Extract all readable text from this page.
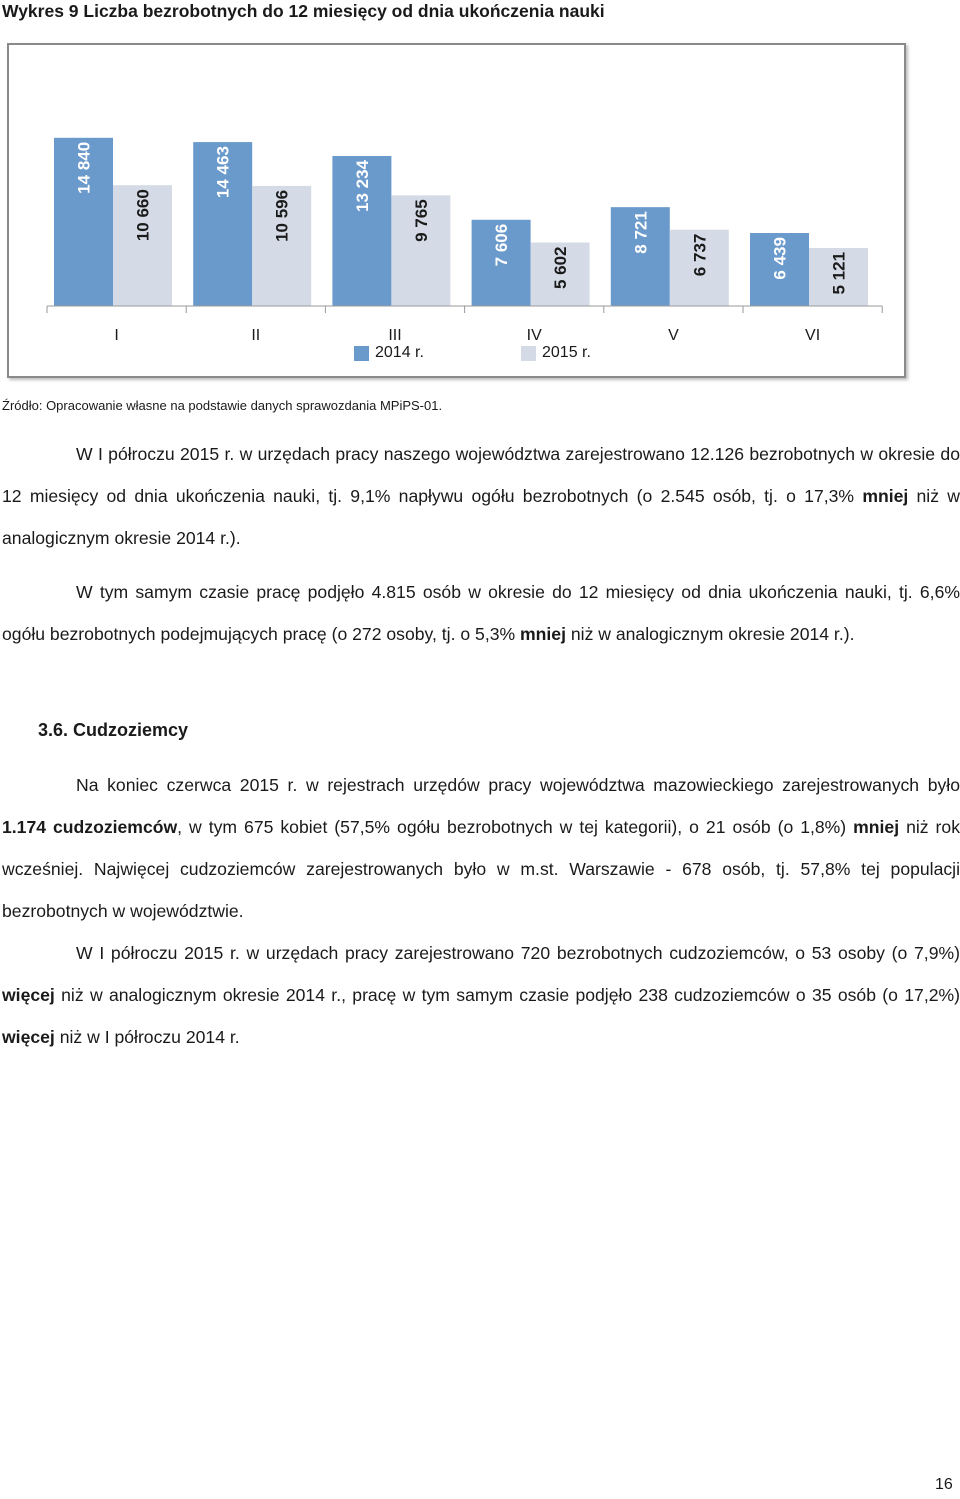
Wykres 9 Liczba bezrobotnych do 12 miesięcy od dnia ukończenia nauki
14 840
10 660
I
14 463
10 596
II
13 234
9 765
III
7 606
5 602
IV
8 721
6 737
V
6 439 5 121
VI
2014 r.	2015 r.

Źródło: Opracowanie własne na podstawie danych sprawozdania MPiPS-01.

W I półroczu 2015 r. w urzędach pracy naszego województwa zarejestrowano 12.126 bezrobotnych w okresie do 12 miesięcy od dnia ukończenia nauki, tj. 9,1% napływu ogółu bezrobotnych (o 2.545 osób, tj. o 17,3% mniej niż w analogicznym okresie 2014 r.).

W tym samym czasie pracę podjęło 4.815 osób w okresie do 12 miesięcy od dnia ukończenia nauki, tj. 6,6% ogółu bezrobotnych podejmujących pracę (o 272 osoby, tj. o 5,3% mniej niż w analogicznym okresie 2014 r.).

3.6. Cudzoziemcy

Na koniec czerwca 2015 r. w rejestrach urzędów pracy województwa mazowieckiego zarejestrowanych było 1.174 cudzoziemców, w tym 675 kobiet (57,5% ogółu bezrobotnych w tej kategorii), o 21 osób (o 1,8%) mniej niż rok wcześniej. Najwięcej cudzoziemców zarejestrowanych było w m.st. Warszawie - 678 osób, tj. 57,8% tej populacji bezrobotnych w województwie.

W I półroczu 2015 r. w urzędach pracy zarejestrowano 720 bezrobotnych cudzoziemców, o 53 osoby (o 7,9%) więcej niż w analogicznym okresie 2014 r., pracę w tym samym czasie podjęło 238 cudzoziemców o 35 osób (o 17,2%) więcej niż w I półroczu 2014 r.

16
